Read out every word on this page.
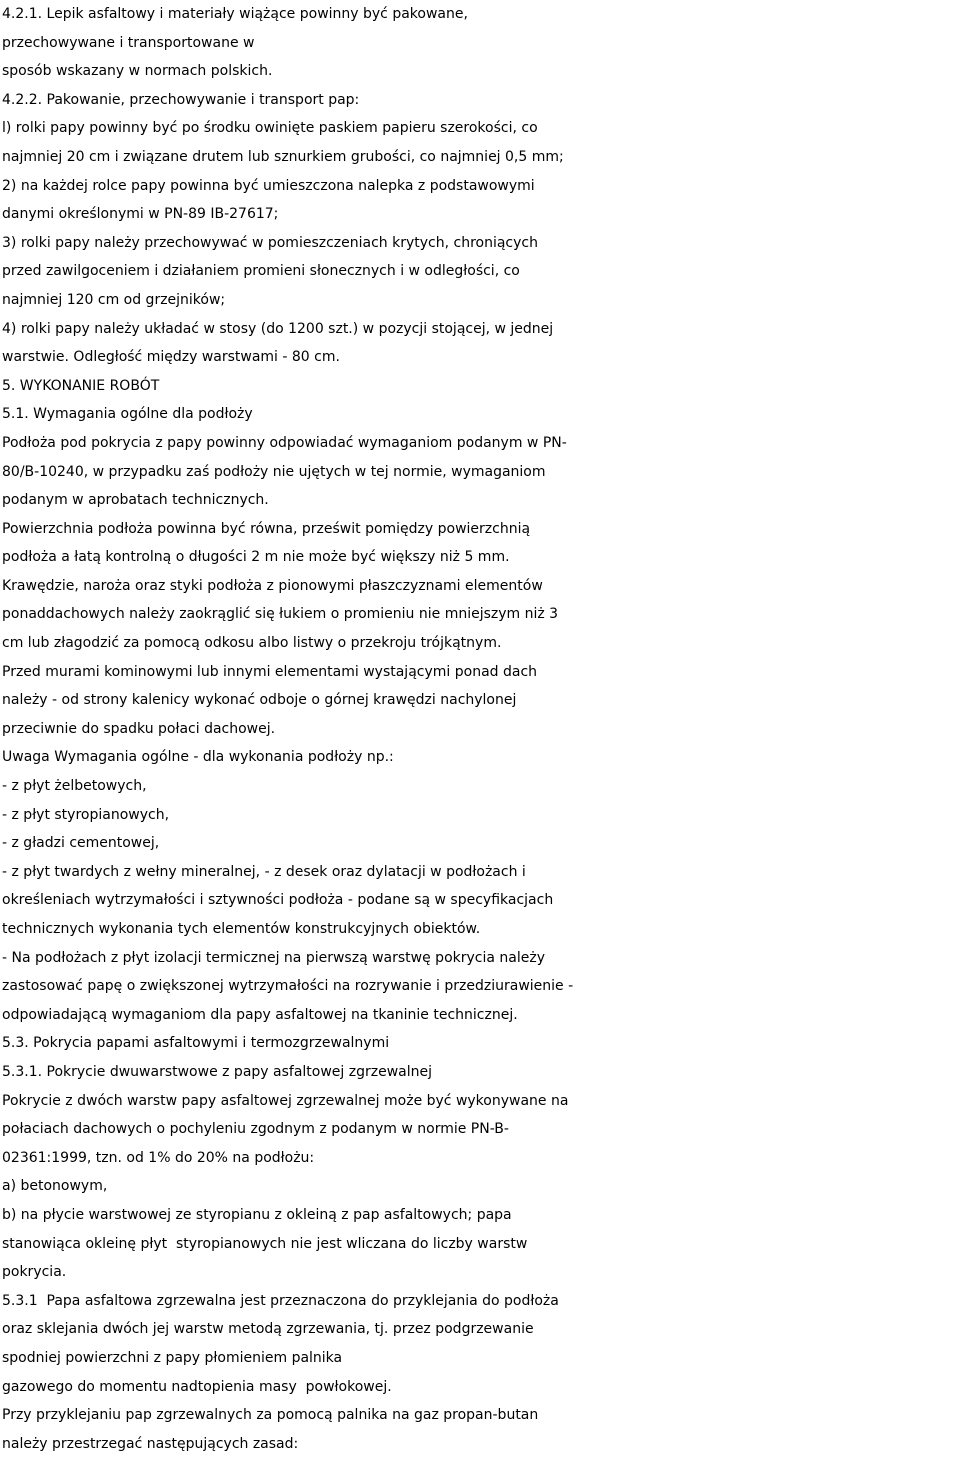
4.2.1. Lepik asfaltowy i materiały wiążące powinny być pakowane,
przechowywane i transportowane w
sposób wskazany w normach polskich.
4.2.2. Pakowanie, przechowywanie i transport pap:
l) rolki papy powinny być po środku owinięte paskiem papieru szerokości, co
najmniej 20 cm i związane drutem lub sznurkiem grubości, co najmniej 0,5 mm;
2) na każdej rolce papy powinna być umieszczona nalepka z podstawowymi
danymi określonymi w PN-89 IB-27617;
3) rolki papy należy przechowywać w pomieszczeniach krytych, chroniących
przed zawilgoceniem i działaniem promieni słonecznych i w odległości, co
najmniej 120 cm od grzejników;
4) rolki papy należy układać w stosy (do 1200 szt.) w pozycji stojącej, w jednej
warstwie. Odległość między warstwami - 80 cm.
5. WYKONANIE ROBÓT
5.1. Wymagania ogólne dla podłoży
Podłoża pod pokrycia z papy powinny odpowiadać wymaganiom podanym w PN-
80/B-10240, w przypadku zaś podłoży nie ujętych w tej normie, wymaganiom
podanym w aprobatach technicznych.
Powierzchnia podłoża powinna być równa, prześwit pomiędzy powierzchnią
podłoża a łatą kontrolną o długości 2 m nie może być większy niż 5 mm.
Krawędzie, naroża oraz styki podłoża z pionowymi płaszczyznami elementów
ponaddachowych należy zaokrąglić się łukiem o promieniu nie mniejszym niż 3
cm lub złagodzić za pomocą odkosu albo listwy o przekroju trójkątnym.
Przed murami kominowymi lub innymi elementami wystającymi ponad dach
należy - od strony kalenicy wykonać odboje o górnej krawędzi nachylonej
przeciwnie do spadku połaci dachowej.
Uwaga Wymagania ogólne - dla wykonania podłoży np.:
- z płyt żelbetowych,
- z płyt styropianowych,
- z gładzi cementowej,
- z płyt twardych z wełny mineralnej, - z desek oraz dylatacji w podłożach i
określeniach wytrzymałości i sztywności podłoża - podane są w specyfikacjach
technicznych wykonania tych elementów konstrukcyjnych obiektów.
- Na podłożach z płyt izolacji termicznej na pierwszą warstwę pokrycia należy
zastosować papę o zwiększonej wytrzymałości na rozrywanie i przedziurawienie -
odpowiadającą wymaganiom dla papy asfaltowej na tkaninie technicznej.
5.3. Pokrycia papami asfaltowymi i termozgrzewalnymi
5.3.1. Pokrycie dwuwarstwowe z papy asfaltowej zgrzewalnej
Pokrycie z dwóch warstw papy asfaltowej zgrzewalnej może być wykonywane na
połaciach dachowych o pochyleniu zgodnym z podanym w normie PN-B-
02361:1999, tzn. od 1% do 20% na podłożu:
a) betonowym,
b) na płycie warstwowej ze styropianu z okleiną z pap asfaltowych; papa
stanowiąca okleinę płyt  styropianowych nie jest wliczana do liczby warstw
pokrycia.
5.3.1  Papa asfaltowa zgrzewalna jest przeznaczona do przyklejania do podłoża
oraz sklejania dwóch jej warstw metodą zgrzewania, tj. przez podgrzewanie
spodniej powierzchni z papy płomieniem palnika
gazowego do momentu nadtopienia masy  powłokowej.
Przy przyklejaniu pap zgrzewalnych za pomocą palnika na gaz propan-butan
należy przestrzegać następujących zasad:
